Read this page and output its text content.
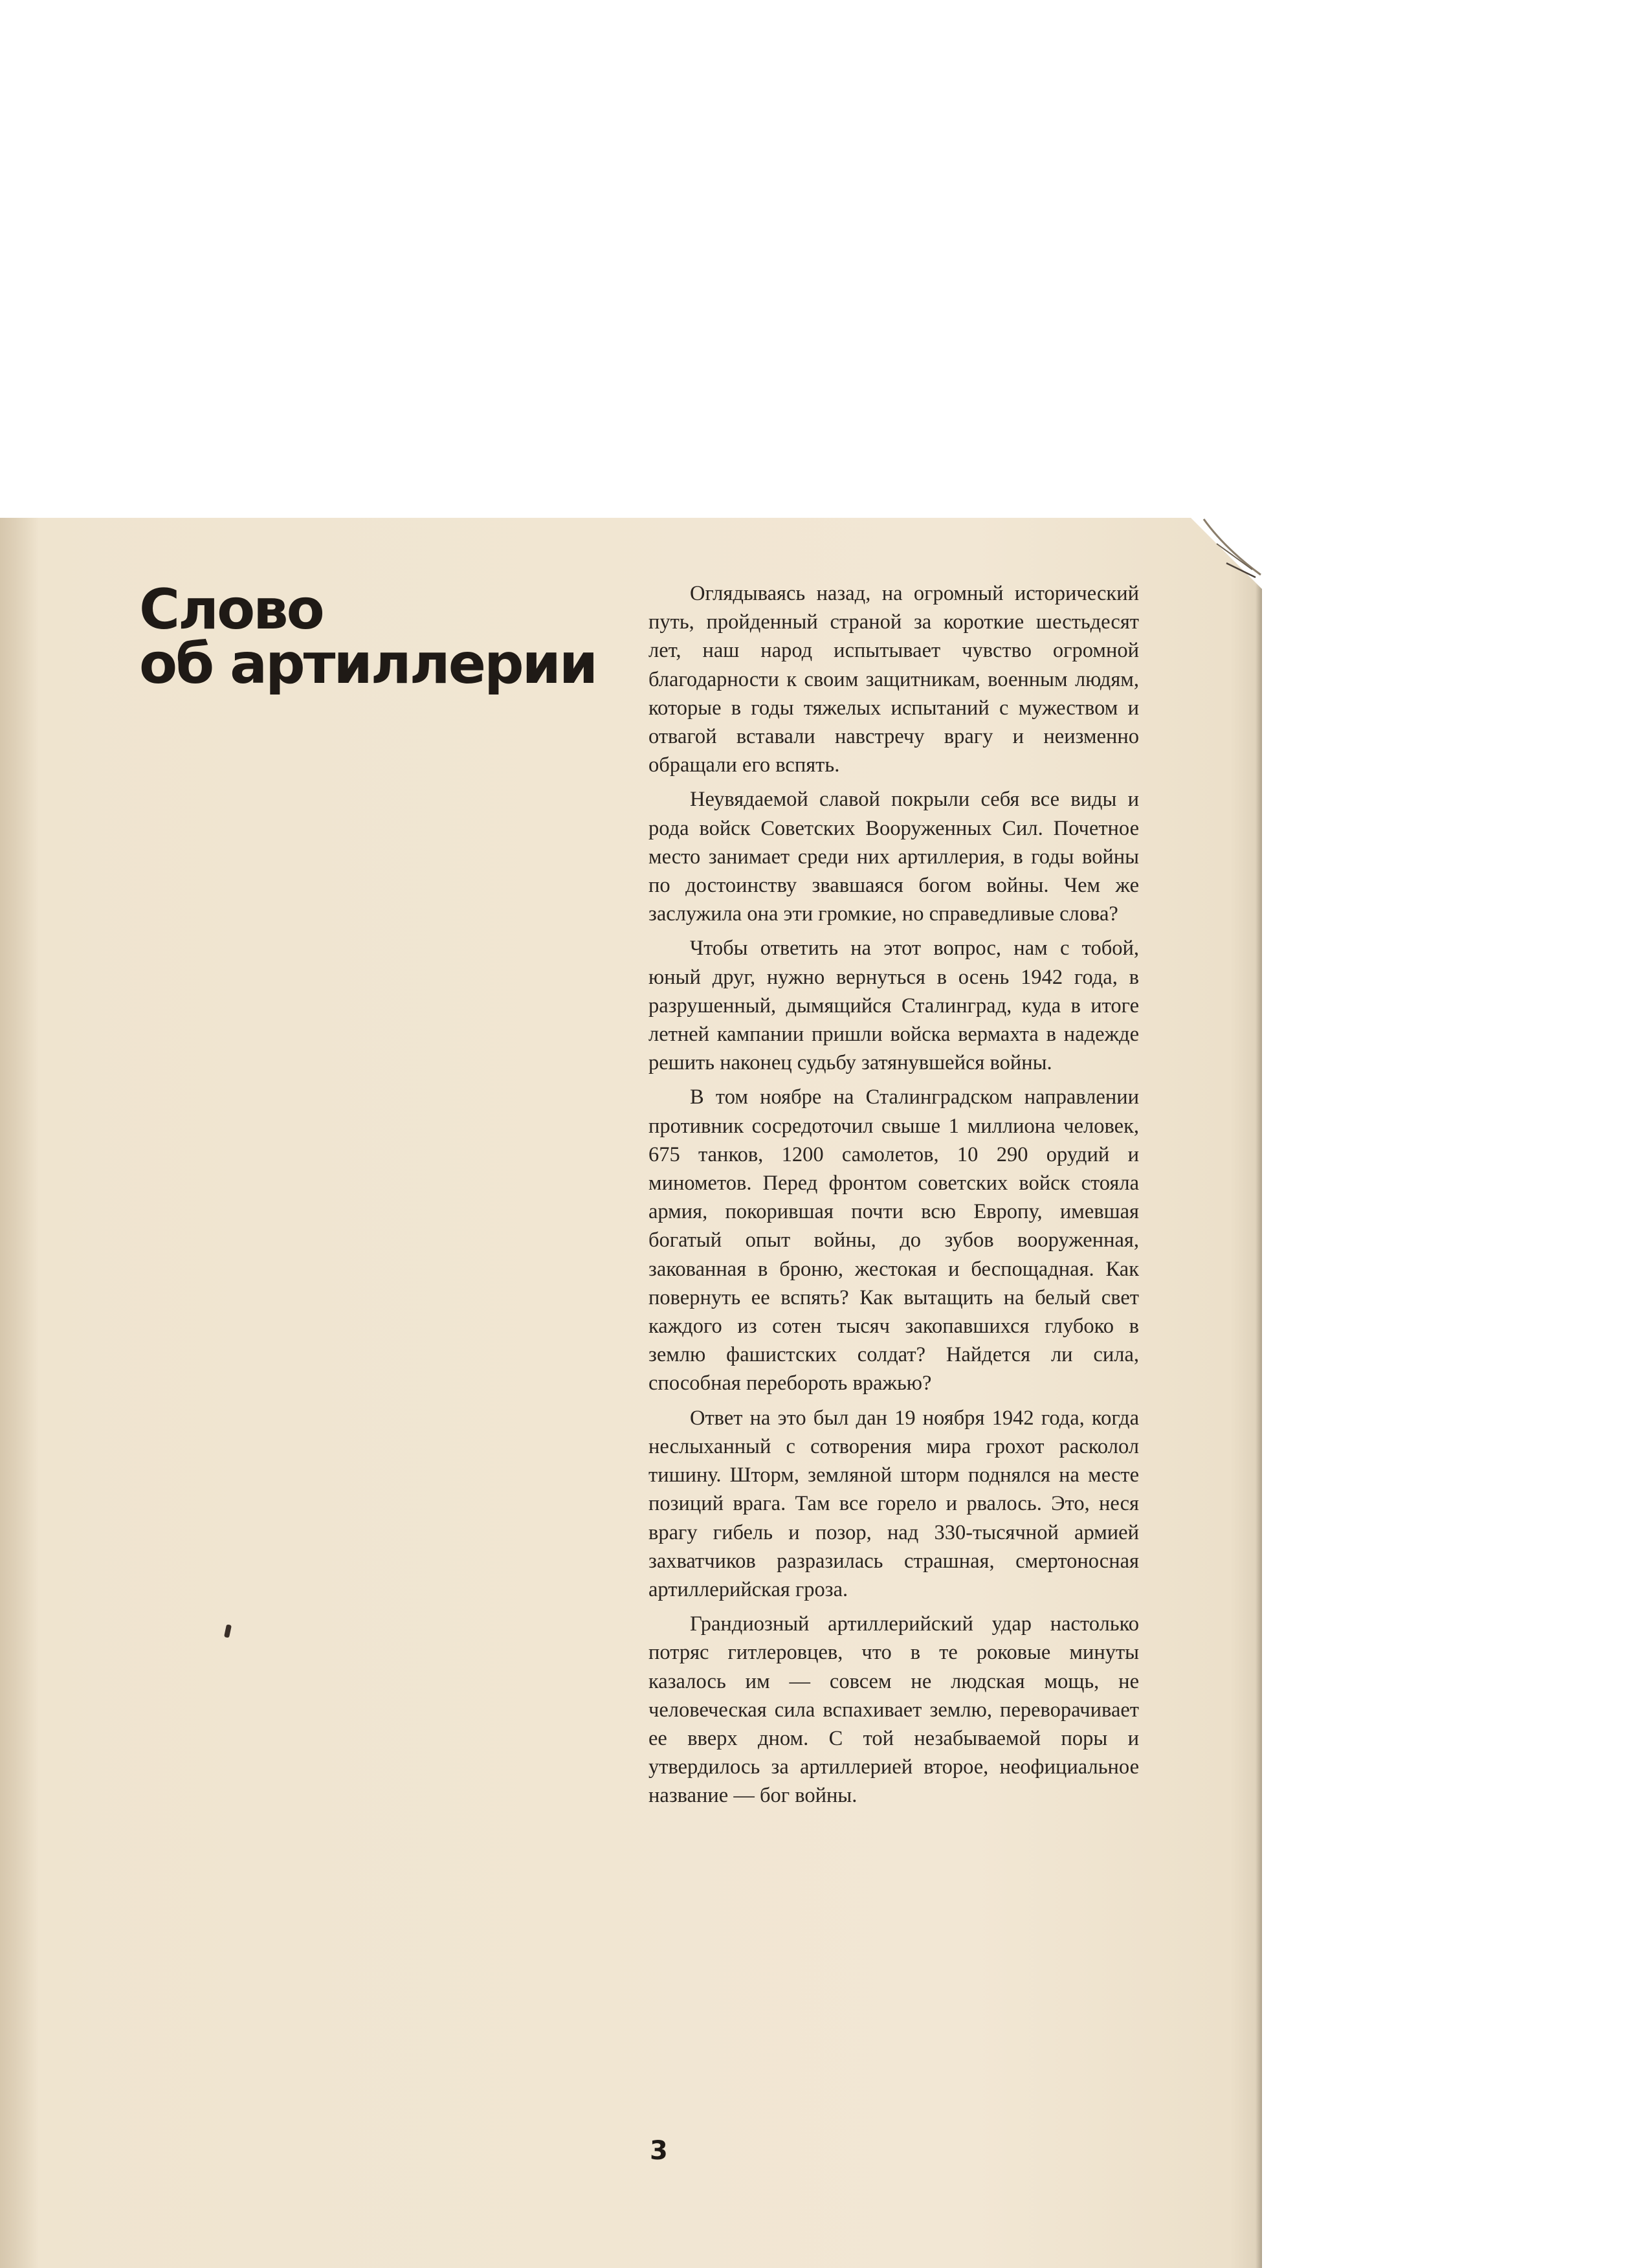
Слово
об артиллерии

Оглядываясь назад, на огромный исторический путь, пройденный страной за короткие шестьдесят лет, наш народ испытывает чувство огромной благодарности к своим защитникам, военным людям, которые в годы тяжелых испытаний с мужеством и отвагой вставали навстречу врагу и неизменно обращали его вспять.

Неувядаемой славой покрыли себя все виды и рода войск Советских Вооруженных Сил. Почетное место занимает среди них артиллерия, в годы войны по достоинству звавшаяся богом войны. Чем же заслужила она эти громкие, но справедливые слова?

Чтобы ответить на этот вопрос, нам с тобой, юный друг, нужно вернуться в осень 1942 года, в разрушенный, дымящийся Сталинград, куда в итоге летней кампании пришли войска вермахта в надежде решить наконец судьбу затянувшейся войны.

В том ноябре на Сталинградском направлении противник сосредоточил свыше 1 миллиона человек, 675 танков, 1200 самолетов, 10 290 орудий и минометов. Перед фронтом советских войск стояла армия, покорившая почти всю Европу, имевшая богатый опыт войны, до зубов вооруженная, закованная в броню, жестокая и беспощадная. Как повернуть ее вспять? Как вытащить на белый свет каждого из сотен тысяч закопавшихся глубоко в землю фашистских солдат? Найдется ли сила, способная перебороть вражью?

Ответ на это был дан 19 ноября 1942 года, когда неслыханный с сотворения мира грохот расколол тишину. Шторм, земляной шторм поднялся на месте позиций врага. Там все горело и рвалось. Это, неся врагу гибель и позор, над 330-тысячной армией захватчиков разразилась страшная, смертоносная артиллерийская гроза.

Грандиозный артиллерийский удар настолько потряс гитлеровцев, что в те роковые минуты казалось им — совсем не людская мощь, не человеческая сила вспахивает землю, переворачивает ее вверх дном. С той незабываемой поры и утвердилось за артиллерией второе, неофициальное название — бог войны.

3
